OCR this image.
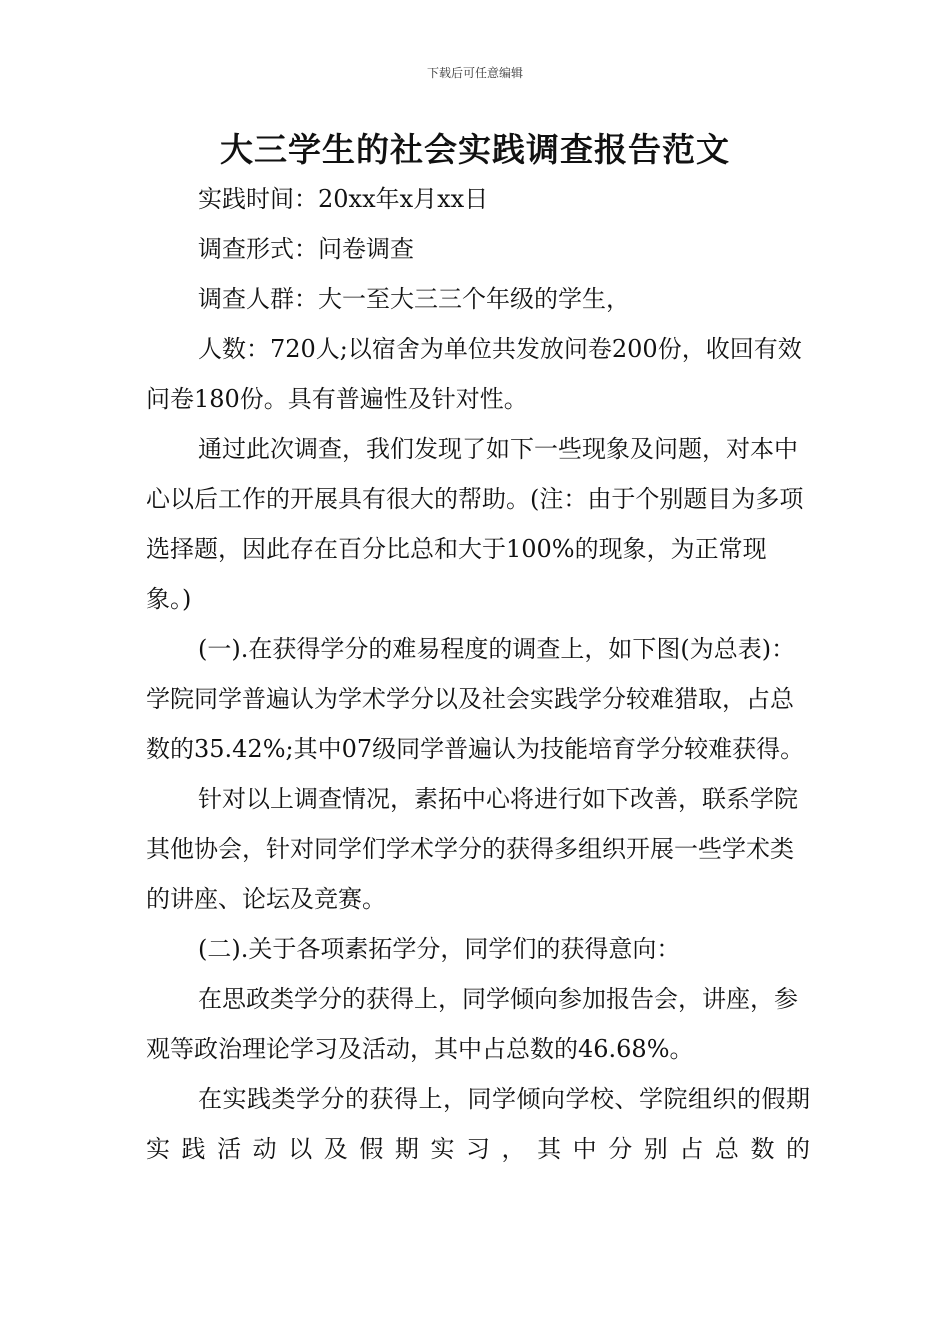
下载后可任意编辑
大三学生的社会实践调查报告范文

实践时间：20xx年x月xx日

调查形式：问卷调查

调查人群：大一至大三三个年级的学生，

人数：720人;以宿舍为单位共发放问卷200份，收回有效问卷180份。具有普遍性及针对性。

通过此次调查，我们发现了如下一些现象及问题，对本中心以后工作的开展具有很大的帮助。(注：由于个别题目为多项选择题，因此存在百分比总和大于100%的现象，为正常现象。)

(一).在获得学分的难易程度的调查上，如下图(为总表)：学院同学普遍认为学术学分以及社会实践学分较难猎取，占总数的35.42%;其中07级同学普遍认为技能培育学分较难获得。

针对以上调查情况，素拓中心将进行如下改善，联系学院其他协会，针对同学们学术学分的获得多组织开展一些学术类的讲座、论坛及竞赛。

(二).关于各项素拓学分，同学们的获得意向：

在思政类学分的获得上，同学倾向参加报告会，讲座，参观等政治理论学习及活动，其中占总数的46.68%。

在实践类学分的获得上，同学倾向学校、学院组织的假期实践活动以及假期实习，其中分别占总数的
